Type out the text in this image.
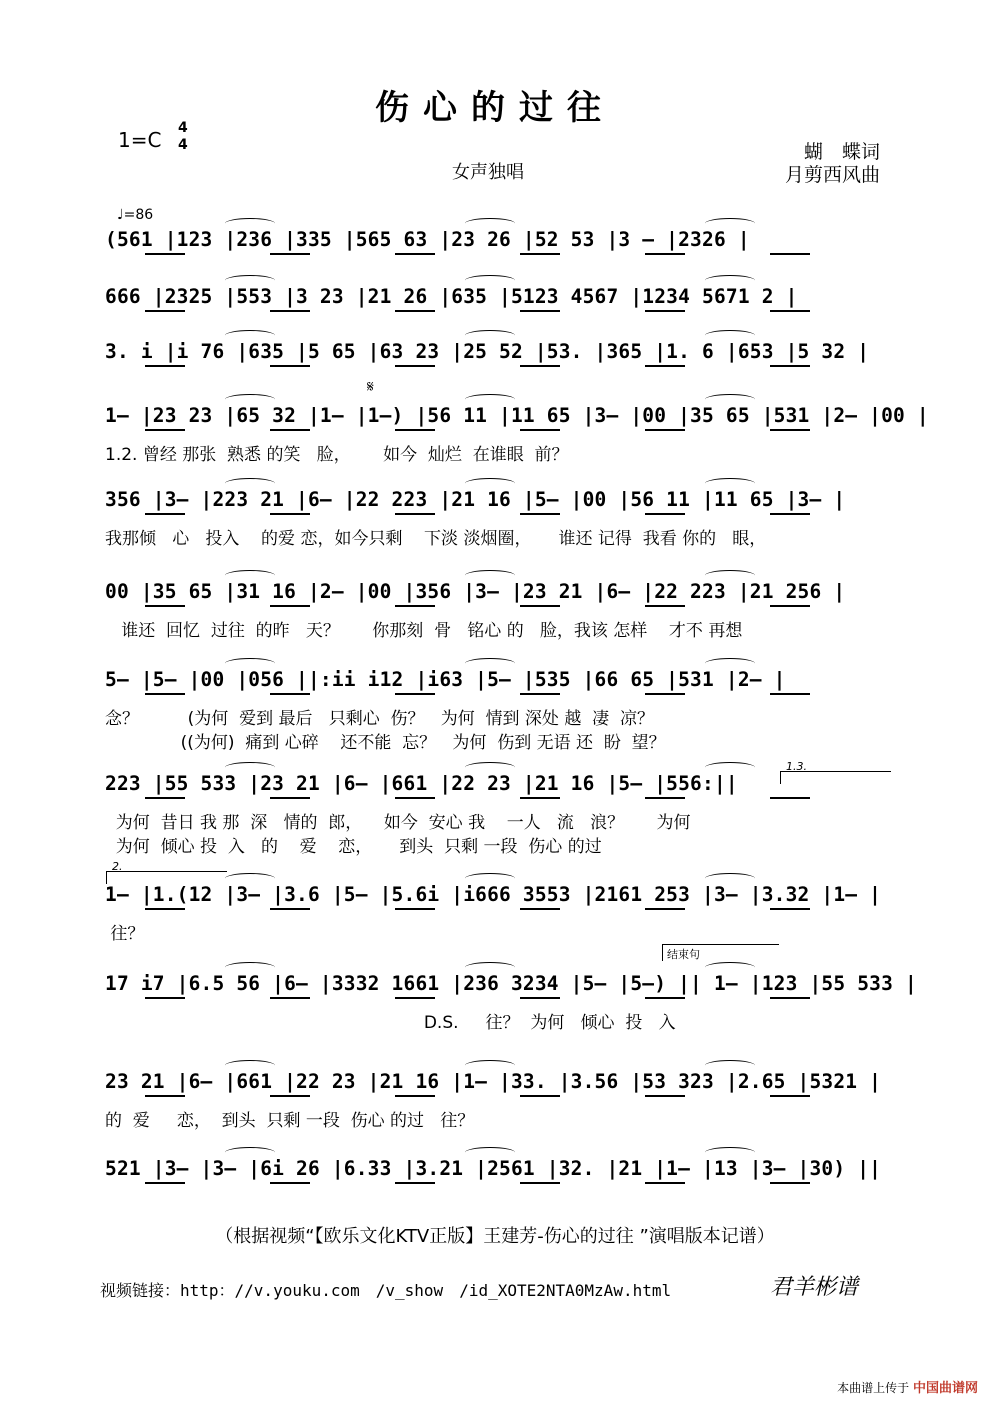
伤心的过往
1=C 4
4	蝴　蝶词
月剪西风曲
女声独唱
♩=86
𝄋
1.3.
2.
结束句
(561 |123 |236 |335 |565 63 |23 26 |52 53 |3 – |2326 |
666 |2325 |553 |3 23 |21 26 |635 |5123 4567 |1234 5671 2 |
3. i |i 76 |635 |5 65 |63 23 |25 52 |53. |365 |1. 6 |653 |5 32 |
1– |23 23 |65 32 |1– |1–) |56 11 |11 65 |3– |00 |35 65 |531 |2– |00 |
1.2. 曾经 那张  熟悉 的笑   脸，      如今  灿烂  在谁眼  前？
356 |3– |223 21 |6– |22 223 |21 16 |5– |00 |56 11 |11 65 |3– |
我那倾   心   投入    的爱 恋，如今只剩    下淡 淡烟圈，     谁还 记得  我看 你的   眼，
00 |35 65 |31 16 |2– |00 |356 |3– |23 21 |6– |22 223 |21 256 |
谁还  回忆  过往  的昨   天？      你那刻  骨   铭心 的   脸，我该 怎样    才不 再想
5– |5– |00 |056 ||:ii i12 |i63 |5– |535 |66 65 |531 |2– |
念？         (为何  爱到 最后   只剩心  伤？   为何  情到 深处 越  凄  凉？
((为何)  痛到 心碎    还不能  忘？   为何  伤到 无语 还  盼  望？
223 |55 533 |23 21 |6– |661 |22 23 |21 16 |5– |556:||
为何  昔日 我 那  深   情的  郎，    如今  安心 我    一人   流   浪？      为何
为何  倾心 投  入   的    爱    恋，     到头  只剩 一段  伤心 的过
1– |1.(12 |3– |3.6 |5– |5.6i |i666 3553 |2161 253 |3– |3.32 |1– |
往？
17 i7 |6.5 56 |6– |3332 1661 |236 3234 |5– |5–) || 1– |123 |55 533 |
D.S.     往？  为何   倾心  投   入
23 21 |6– |661 |22 23 |21 16 |1– |33. |3.56 |53 323 |2.65 |5321 |
的  爱     恋，  到头  只剩 一段  伤心 的过   往？
521 |3– |3– |6i 26 |6.33 |3.21 |2561 |32. |21 |1– |13 |3– |30) ||
（根据视频“【欧乐文化KTV正版】王建芳-伤心的过往 ”演唱版本记谱）
视频链接：http：//v.youku.com　/v_show　/id_XOTE2NTA0MzAw.html	君羊彬谱
本曲谱上传于 中国曲谱网
